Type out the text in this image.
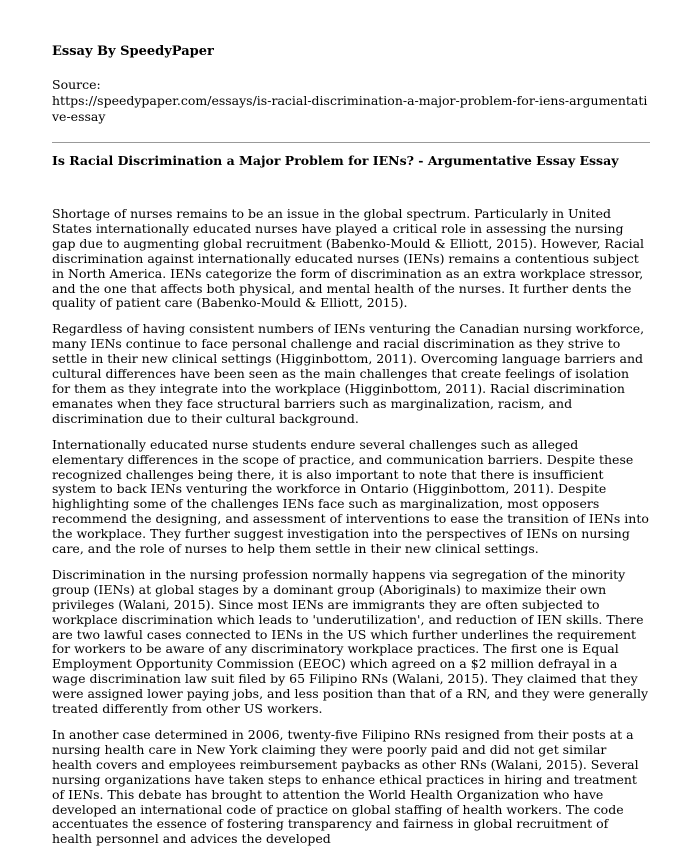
Essay By SpeedyPaper
Source:
https://speedypaper.com/essays/is-racial-discrimination-a-major-problem-for-iens-argumentative-essay
Is Racial Discrimination a Major Problem for IENs? - Argumentative Essay Essay

Shortage of nurses remains to be an issue in the global spectrum. Particularly in United States internationally educated nurses have played a critical role in assessing the nursing gap due to augmenting global recruitment (Babenko-Mould & Elliott, 2015). However, Racial discrimination against internationally educated nurses (IENs) remains a contentious subject in North America. IENs categorize the form of discrimination as an extra workplace stressor, and the one that affects both physical, and mental health of the nurses. It further dents the quality of patient care (Babenko-Mould & Elliott, 2015).

Regardless of having consistent numbers of IENs venturing the Canadian nursing workforce, many IENs continue to face personal challenge and racial discrimination as they strive to settle in their new clinical settings (Higginbottom, 2011). Overcoming language barriers and cultural differences have been seen as the main challenges that create feelings of isolation for them as they integrate into the workplace (Higginbottom, 2011). Racial discrimination emanates when they face structural barriers such as marginalization, racism, and discrimination due to their cultural background.

Internationally educated nurse students endure several challenges such as alleged elementary differences in the scope of practice, and communication barriers. Despite these recognized challenges being there, it is also important to note that there is insufficient system to back IENs venturing the workforce in Ontario (Higginbottom, 2011). Despite highlighting some of the challenges IENs face such as marginalization, most opposers recommend the designing, and assessment of interventions to ease the transition of IENs into the workplace. They further suggest investigation into the perspectives of IENs on nursing care, and the role of nurses to help them settle in their new clinical settings.

Discrimination in the nursing profession normally happens via segregation of the minority group (IENs) at global stages by a dominant group (Aboriginals) to maximize their own privileges (Walani, 2015). Since most IENs are immigrants they are often subjected to workplace discrimination which leads to 'underutilization', and reduction of IEN skills. There are two lawful cases connected to IENs in the US which further underlines the requirement for workers to be aware of any discriminatory workplace practices. The first one is Equal Employment Opportunity Commission (EEOC) which agreed on a $2 million defrayal in a wage discrimination law suit filed by 65 Filipino RNs (Walani, 2015). They claimed that they were assigned lower paying jobs, and less position than that of a RN, and they were generally treated differently from other US workers.

In another case determined in 2006, twenty-five Filipino RNs resigned from their posts at a nursing health care in New York claiming they were poorly paid and did not get similar health covers and employees reimbursement paybacks as other RNs (Walani, 2015). Several nursing organizations have taken steps to enhance ethical practices in hiring and treatment of IENs. This debate has brought to attention the World Health Organization who have developed an international code of practice on global staffing of health workers. The code accentuates the essence of fostering transparency and fairness in global recruitment of health personnel and advices the developed
